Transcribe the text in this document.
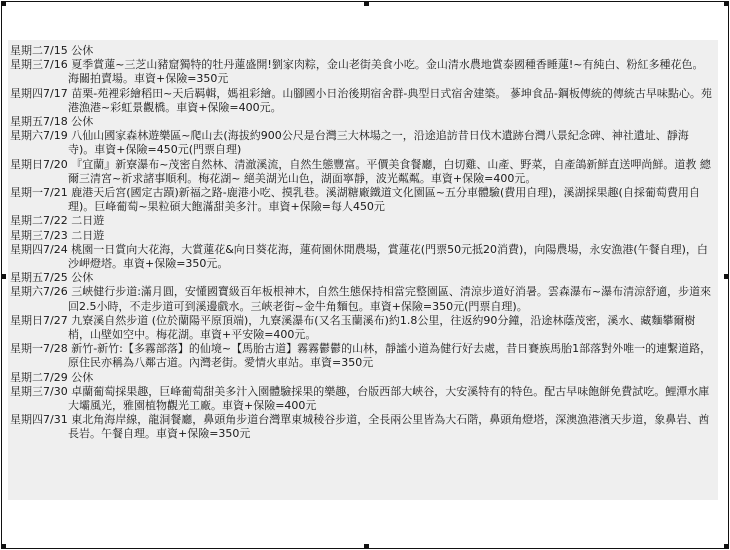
星期二7/15 公休
星期三7/16 夏季賞蓮~三芝山豬窟獨特的牡丹蓮盛開!劉家肉粽，金山老街美食小吃。金山清水農地賞泰國種香睡蓮!~有純白、粉紅多種花色。海關拍賣場。車資+保險=350元
星期四7/17 苗栗-苑裡彩繪稻田~天后羁輯，媽祖彩繪。山腳國小日治後期宿舍群-典型日式宿舍建築。 蔘坤食品-鋼板傳統的傳統古早味點心。苑港漁港~彩虹景觀橋。車資+保險=400元。
星期五7/18 公休
星期六7/19 八仙山國家森林遊樂區~爬山去(海拔約900公尺是台灣三大林場之一，沿途追訪昔日伐木遺跡台灣八景紀念碑、神社遺址、靜海寺)。車資+保險=450元(門票自理)
星期日7/20 『宜蘭』新寮瀑布~茂密自然林、清澈溪流，自然生態豐富。平價美食餐廳，白切雞、山產、野菜，自產鴿新鮮直送呷尚鮮。道教 總爾三清宮~祈求諸事順利。梅花湖~ 絕美湖光山色，湖面寧靜，波光粼粼。車資+保險=400元。
星期一7/21 鹿港天后宮(國定古蹟)新福之路-鹿港小吃、摸乳巷。溪湖糖廠鐵道文化園區~五分車體驗(費用自理)，溪湖採果趣(自採葡萄費用自理)。巨峰葡萄~果粒碩大飽滿甜美多汁。車資+保險=每人450元
星期二7/22 二日遊
星期三7/23 二日遊
星期四7/24 桃園一日賞向大花海，大賞蓮花&向日葵花海，蓮荷園休閒農場，賞蓮花(門票50元抵20消費)，向陽農場，永安漁港(午餐自理)，白沙岬燈塔。車資+保險=350元。
星期五7/25 公休
星期六7/26 三峽健行步道:滿月圓，安懂國寶級百年板根神木，自然生態保持相當完整園區、清涼步道好消暑。雲森瀑布~瀑布清涼舒適，步道來回2.5小時，不走步道可到溪邊戲水。三峽老街~金牛角麵包。車資+保險=350元(門票自理)。
星期日7/27 九寮溪自然步道 (位於蘭陽平原頂端)，九寮溪瀑布(又名玉蘭溪布)約1.8公里，往返約90分鐘，沿途林蔭茂密，溪水、藏麵攀爾樹梢，山壁如空中。梅花湖。車資+平安險=400元。
星期一7/28 新竹-新竹:【多霧部落】的仙境~【馬胎古道】霧霧鬱鬱的山林，靜謐小道為健行好去處，昔日賽族馬胎1部落對外唯一的連繫道路，原住民亦稱為八鄰古道。內灣老街。愛情火車站。車資=350元
星期二7/29 公休
星期三7/30 卓蘭葡萄採果趣，巨峰葡萄甜美多汁入園體驗採果的樂趣，台版西部大峽谷，大安溪特有的特色。配古早味飽餅免費試吃。鯉潭水庫大壩風光，雅園植物觀光工廠。車資+保險=400元
星期四7/31 東北角海岸線，龍洞餐廳，鼻頭角步道台灣單東城稜谷步道，全長兩公里皆為大石階，鼻頭角燈塔，深澳漁港濱天步道，象鼻岩、酋長岩。午餐自理。車資+保險=350元
